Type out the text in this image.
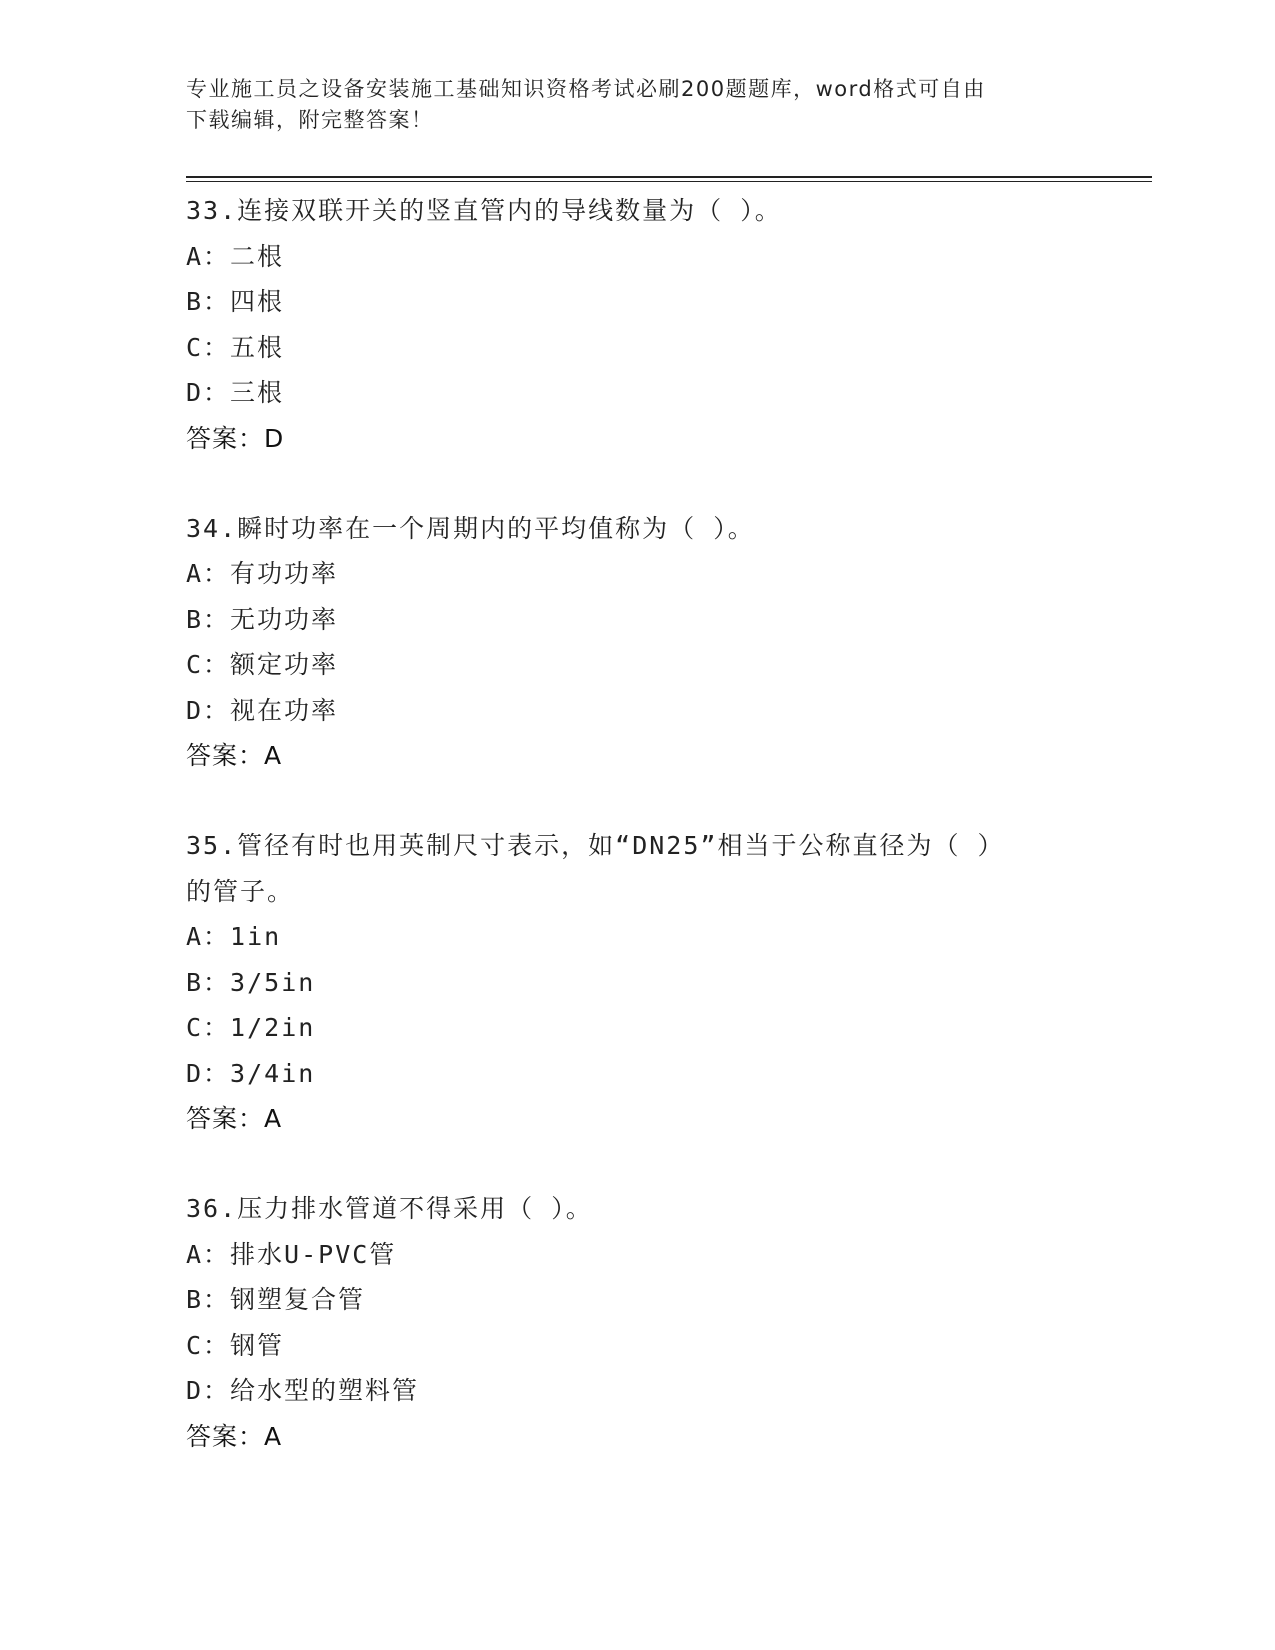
专业施工员之设备安装施工基础知识资格考试必刷200题题库，word格式可自由
下载编辑，附完整答案！
33.连接双联开关的竖直管内的导线数量为（ ）。
A：二根
B：四根
C：五根
D：三根
答案：D
34.瞬时功率在一个周期内的平均值称为（ ）。
A：有功功率
B：无功功率
C：额定功率
D：视在功率
答案：A
35.管径有时也用英制尺寸表示，如“DN25”相当于公称直径为（ ）
的管子。
A：1in
B：3/5in
C：1/2in
D：3/4in
答案：A
36.压力排水管道不得采用（ ）。
A：排水U-PVC管
B：钢塑复合管
C：钢管
D：给水型的塑料管
答案：A
